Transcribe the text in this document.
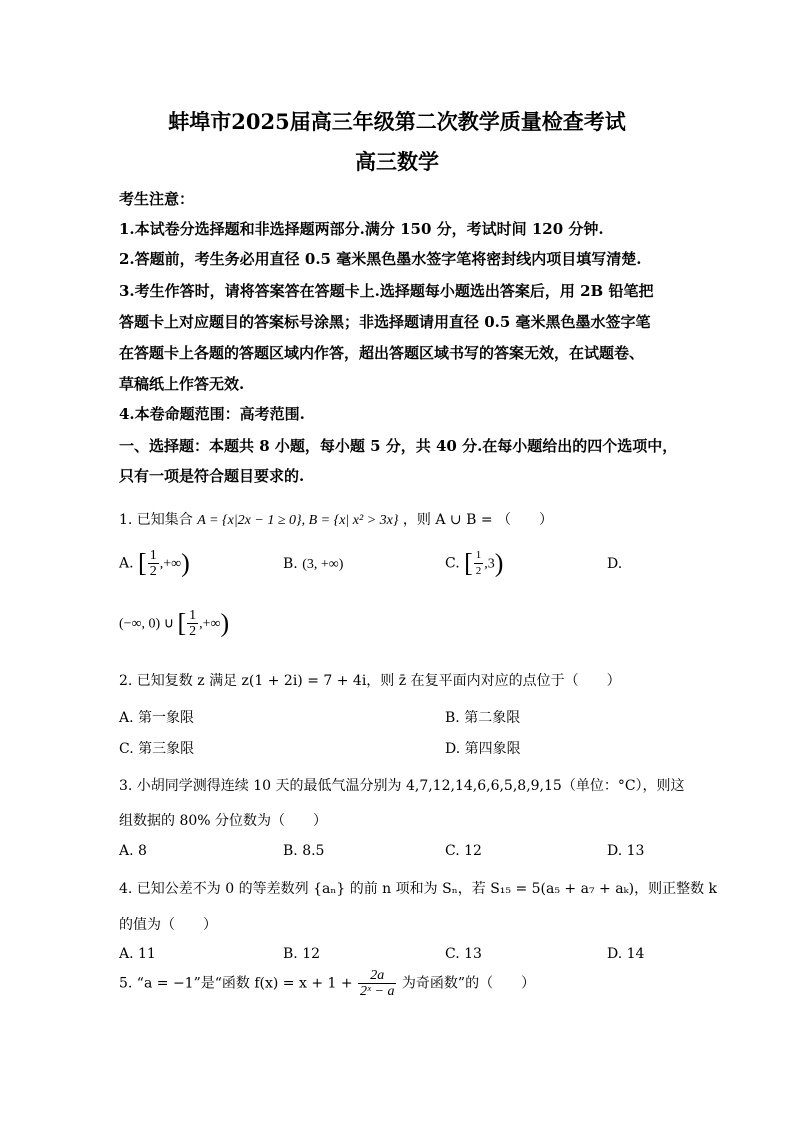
蚌埠市2025届高三年级第二次教学质量检查考试
高三数学
考生注意：
1.本试卷分选择题和非选择题两部分.满分 150 分，考试时间 120 分钟.
2.答题前，考生务必用直径 0.5 毫米黑色墨水签字笔将密封线内项目填写清楚.
3.考生作答时，请将答案答在答题卡上.选择题每小题选出答案后，用 2B 铅笔把
答题卡上对应题目的答案标号涂黑；非选择题请用直径 0.5 毫米黑色墨水签字笔
在答题卡上各题的答题区域内作答，超出答题区域书写的答案无效，在试题卷、
草稿纸上作答无效.
4.本卷命题范围：高考范围.
一、选择题：本题共 8 小题，每小题 5 分，共 40 分.在每小题给出的四个选项中，
只有一项是符合题目要求的.
1. 已知集合 A = {x|2x − 1 ≥ 0}, B = {x| x² > 3x} ，则 A ∪ B = （　　）
A. [ $\frac{1}{2}$ ,+∞)	B. (3, +∞)	C. [ $\frac{1}{2} ,3$)	D.
(−∞, 0) ∪ [ $\frac{1}{2}$ ,+∞)
2. 已知复数 z 满足 z(1 + 2i) = 7 + 4i，则 z̄ 在复平面内对应的点位于（　　）
A. 第一象限	B. 第二象限
C. 第三象限	D. 第四象限
3. 小胡同学测得连续 10 天的最低气温分别为 4,7,12,14,6,6,5,8,9,15（单位：°C），则这
组数据的 80% 分位数为（　　）
A. 8	B. 8.5	C. 12	D. 13
4. 已知公差不为 0 的等差数列 {aₙ} 的前 n 项和为 Sₙ，若 S₁₅ = 5(a₅ + a₇ + aₖ)，则正整数 k
的值为（　　）
A. 11	B. 12	C. 13	D. 14
5. “a = −1”是“函数 $f(x) = x + 1 + \frac{2a}{\text{2ˣ − a}}$ 为奇函数”的（　　）
